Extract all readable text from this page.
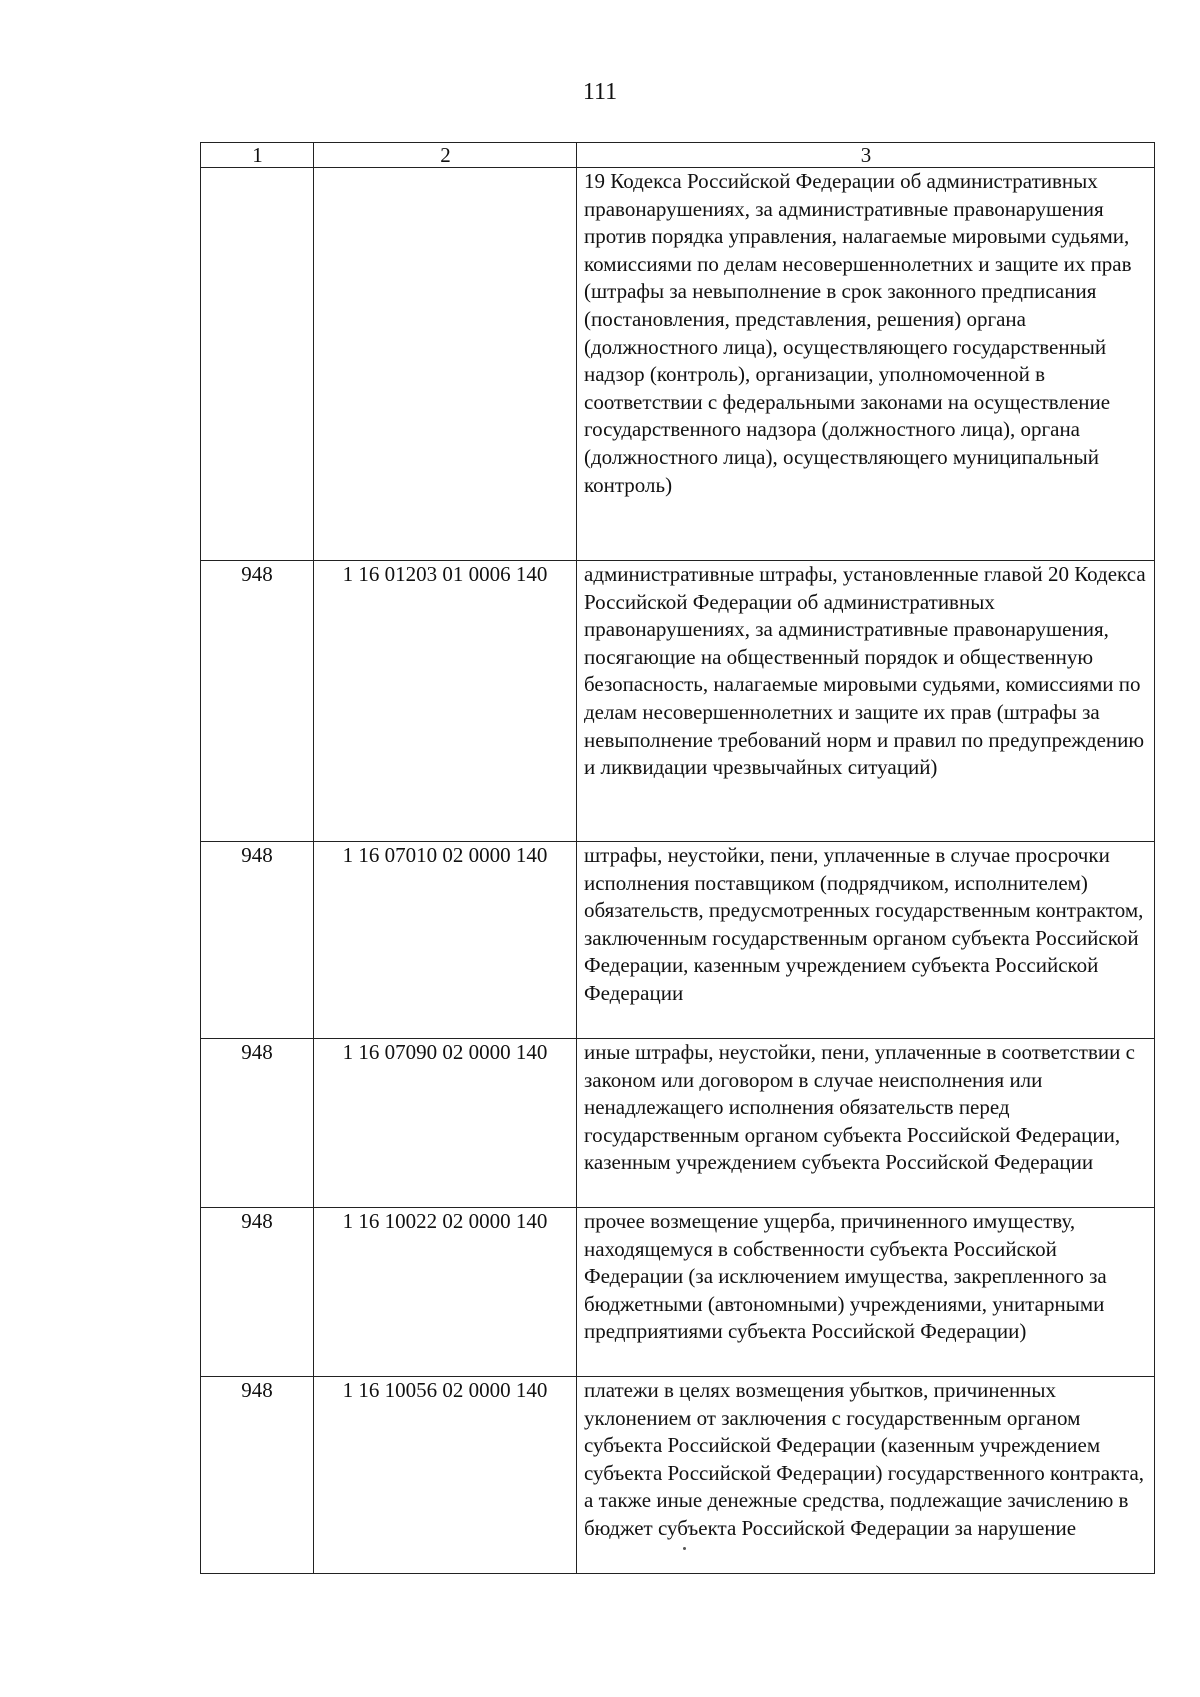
111
1	2	3
		19 Кодекса Российской Федерации об административных правонарушениях, за административные правонарушения против порядка управления, налагаемые мировыми судьями, комиссиями по делам несовершеннолетних и защите их прав (штрафы за невыполнение в срок законного предписания (постановления, представления, решения) органа (должностного лица), осуществляющего государственный надзор (контроль), организации, уполномоченной в соответствии с федеральными законами на осуществление государственного надзора (должностного лица), органа (должностного лица), осуществляющего муниципальный контроль)
948	1 16 01203 01 0006 140	административные штрафы, установленные главой 20 Кодекса Российской Федерации об административных правонарушениях, за административные правонарушения, посягающие на общественный порядок и общественную безопасность, налагаемые мировыми судьями, комиссиями по делам несовершеннолетних и защите их прав (штрафы за невыполнение требований норм и правил по предупреждению и ликвидации чрезвычайных ситуаций)
948	1 16 07010 02 0000 140	штрафы, неустойки, пени, уплаченные в случае просрочки исполнения поставщиком (подрядчиком, исполнителем) обязательств, предусмотренных государственным контрактом, заключенным государственным органом субъекта Российской Федерации, казенным учреждением субъекта Российской Федерации
948	1 16 07090 02 0000 140	иные штрафы, неустойки, пени, уплаченные в соответствии с законом или договором в случае неисполнения или ненадлежащего исполнения обязательств перед государственным органом субъекта Российской Федерации, казенным учреждением субъекта Российской Федерации
948	1 16 10022 02 0000 140	прочее возмещение ущерба, причиненного имуществу, находящемуся в собственности субъекта Российской Федерации (за исключением имущества, закрепленного за бюджетными (автономными) учреждениями, унитарными предприятиями субъекта Российской Федерации)
948	1 16 10056 02 0000 140	платежи в целях возмещения убытков, причиненных уклонением от заключения с государственным органом субъекта Российской Федерации (казенным учреждением субъекта Российской Федерации) государственного контракта, а также иные денежные средства, подлежащие зачислению в бюджет субъекта Российской Федерации за нарушение
